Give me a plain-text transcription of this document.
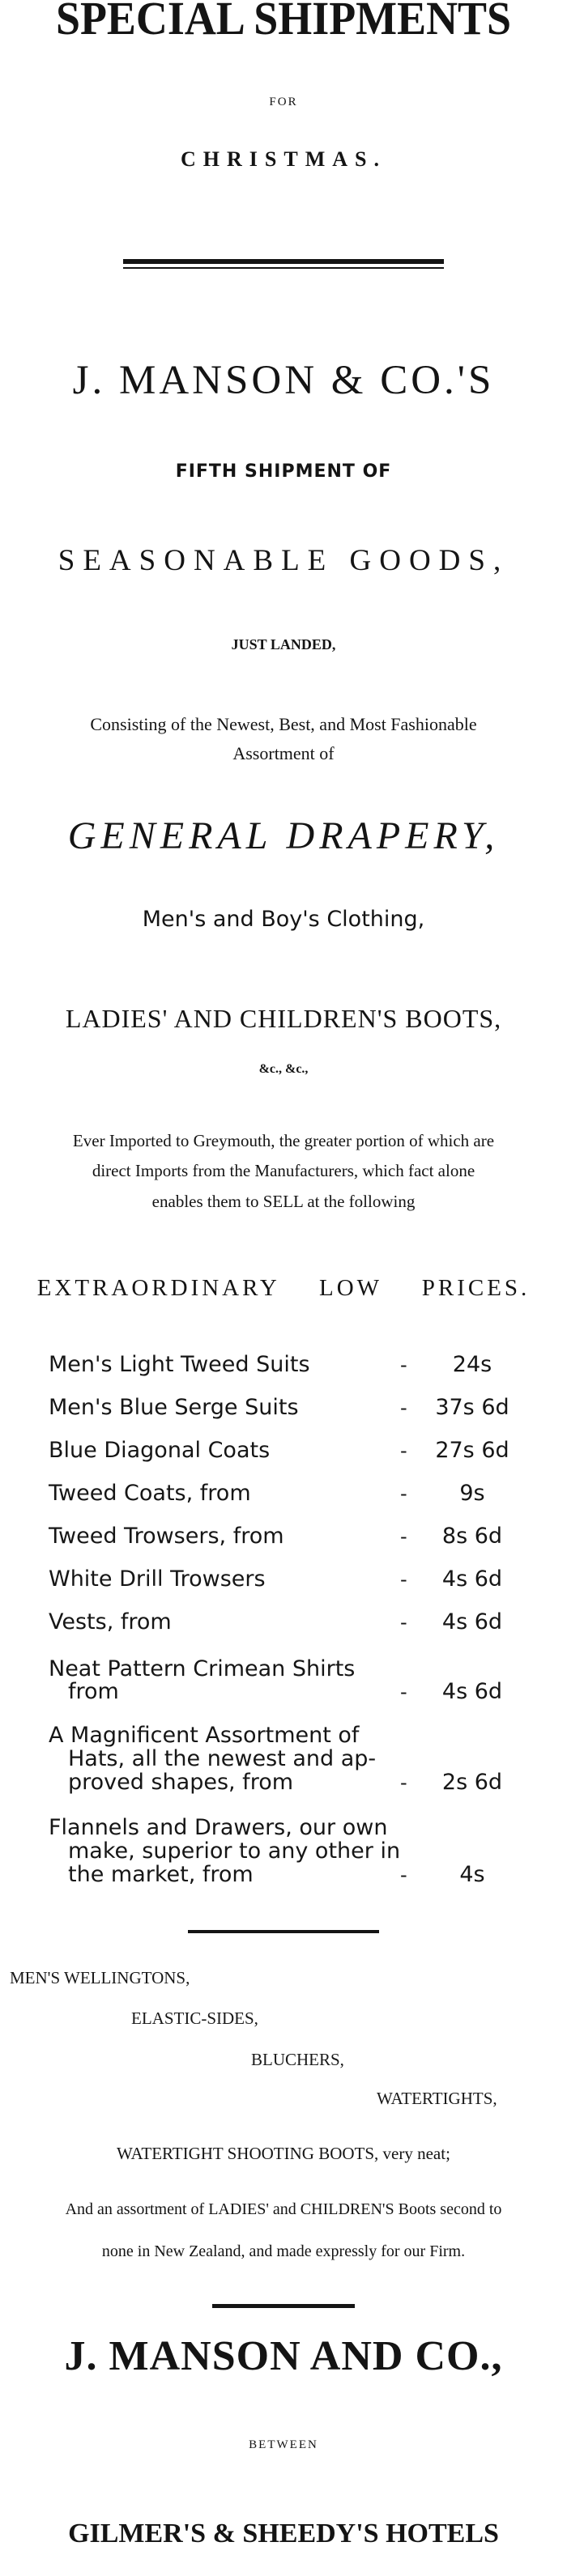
SPECIAL SHIPMENTS
FOR
CHRISTMAS.
J. MANSON & CO.'S
FIFTH SHIPMENT OF
SEASONABLE GOODS,
JUST LANDED,
Consisting of the Newest, Best, and Most Fashionable
Assortment of
GENERAL DRAPERY,
Men's and Boy's Clothing,
LADIES' AND CHILDREN'S BOOTS,
&c., &c.,
Ever Imported to Greymouth, the greater portion of which are
direct Imports from the Manufacturers, which fact alone
enables them to SELL at the following
EXTRAORDINARY LOW PRICES.
Men's Light Tweed Suits	-	24s
Men's Blue Serge Suits	-	37s 6d
Blue Diagonal Coats	-	27s 6d
Tweed Coats, from	-	9s
Tweed Trowsers, from	-	8s 6d
White Drill Trowsers	-	4s 6d
Vests, from	-	4s 6d
Neat Pattern Crimean Shirts
from	-	4s 6d
A Magnificent Assortment of
Hats, all the newest and ap-
proved shapes, from	-	2s 6d
Flannels and Drawers, our own
make, superior to any other in
the market, from	-	4s
MEN'S WELLINGTONS,
ELASTIC-SIDES,
BLUCHERS,
WATERTIGHTS,
WATERTIGHT SHOOTING BOOTS, very neat;
And an assortment of LADIES' and CHILDREN'S Boots second to
none in New Zealand, and made expressly for our Firm.
J. MANSON AND CO.,
BETWEEN
GILMER'S & SHEEDY'S HOTELS
